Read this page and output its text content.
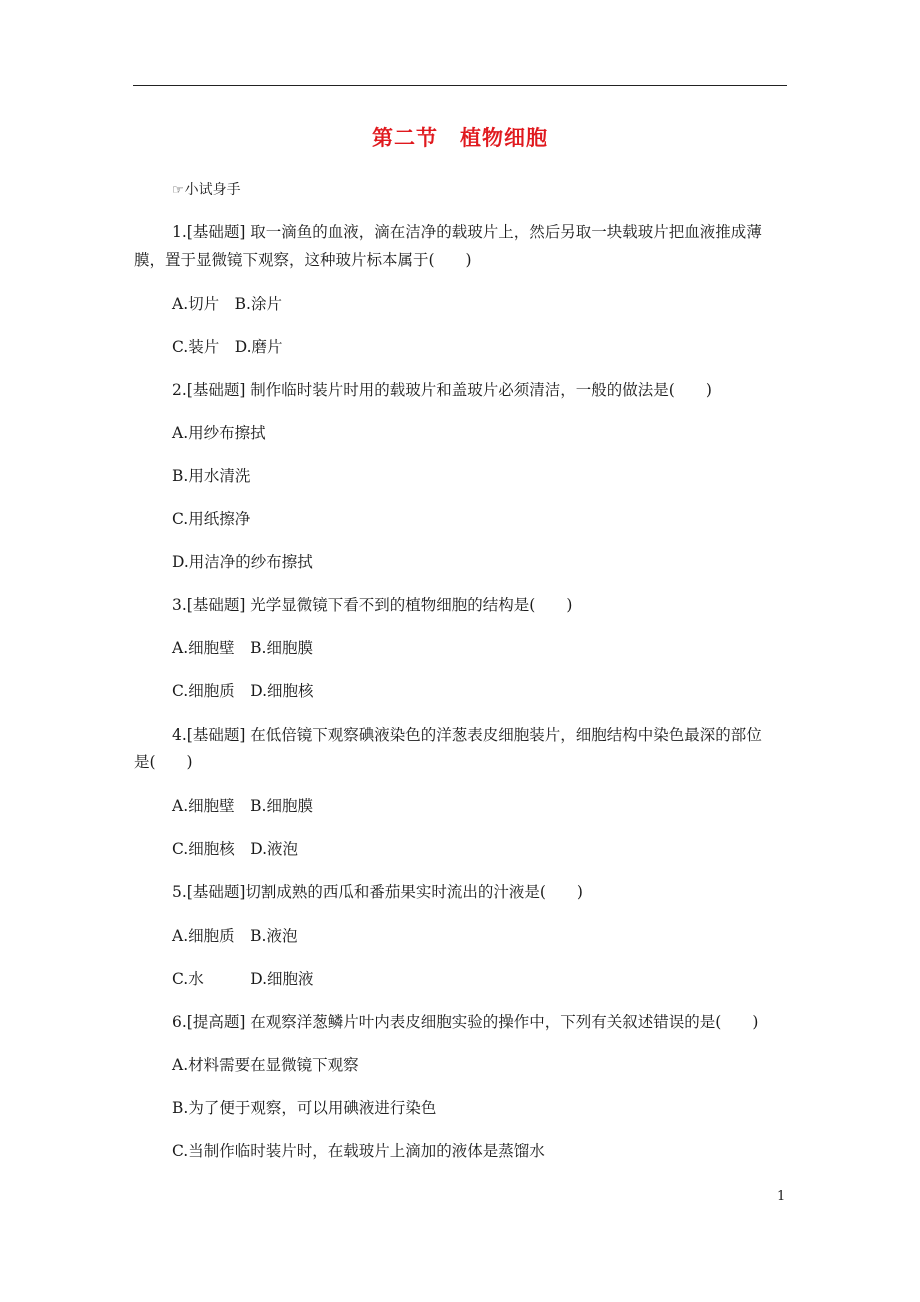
第二节　植物细胞
☞小试身手
1.[基础题] 取一滴鱼的血液，滴在洁净的载玻片上，然后另取一块载玻片把血液推成薄
膜，置于显微镜下观察，这种玻片标本属于(　　)
A.切片　B.涂片
C.装片　D.磨片
2.[基础题] 制作临时装片时用的载玻片和盖玻片必须清洁，一般的做法是(　　)
A.用纱布擦拭
B.用水清洗
C.用纸擦净
D.用洁净的纱布擦拭
3.[基础题] 光学显微镜下看不到的植物细胞的结构是(　　)
A.细胞壁　B.细胞膜
C.细胞质　D.细胞核
4.[基础题] 在低倍镜下观察碘液染色的洋葱表皮细胞装片，细胞结构中染色最深的部位
是(　　)
A.细胞壁　B.细胞膜
C.细胞核　D.液泡
5.[基础题]切割成熟的西瓜和番茄果实时流出的汁液是(　　)
A.细胞质　B.液泡
C.水　　　D.细胞液
6.[提高题] 在观察洋葱鳞片叶内表皮细胞实验的操作中，下列有关叙述错误的是(　　)
A.材料需要在显微镜下观察
B.为了便于观察，可以用碘液进行染色
C.当制作临时装片时，在载玻片上滴加的液体是蒸馏水
1
